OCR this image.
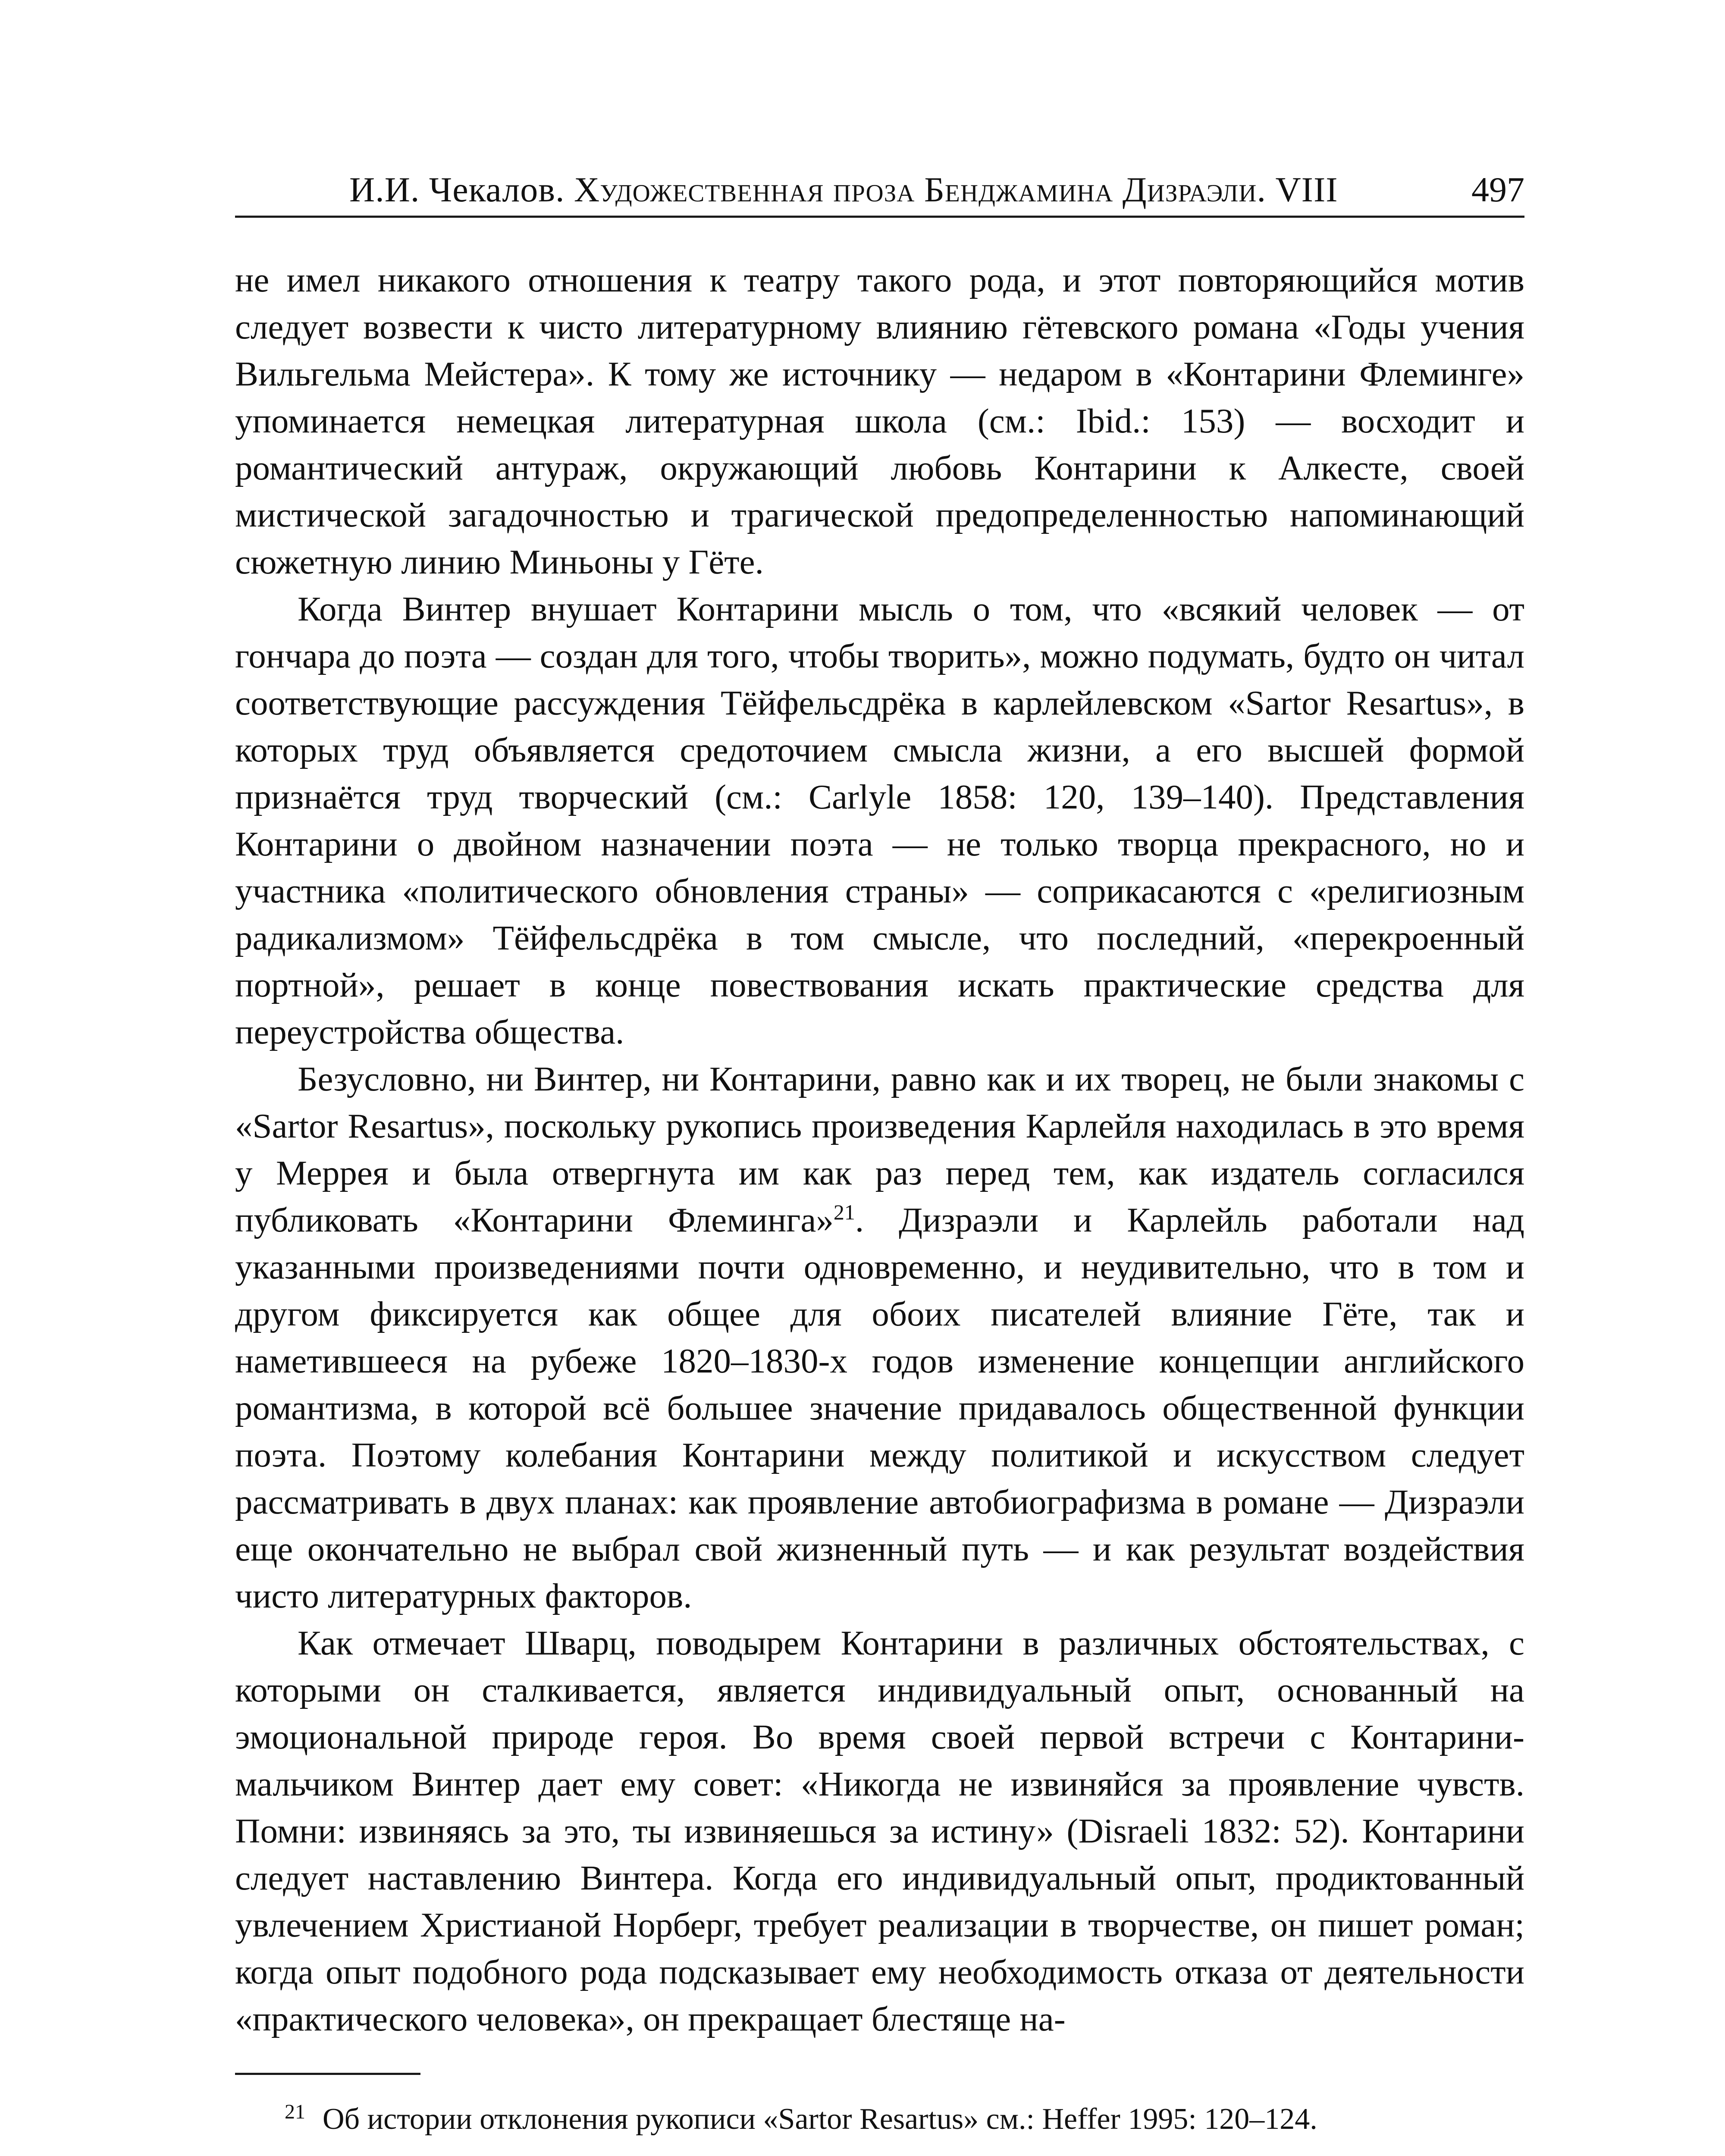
И.И. Чекалов. Художественная проза Бенджамина Дизраэли. VIII	497

не имел никакого отношения к театру такого рода, и этот повторяющийся мотив следует возвести к чисто литературному влиянию гётевского романа «Годы учения Вильгельма Мейстера». К тому же источнику — недаром в «Контарини Флеминге» упоминается немецкая литературная школа (см.: Ibid.: 153) — восходит и романтический антураж, окружающий любовь Контарини к Алкесте, своей мистической загадочностью и трагической предопределенностью напоминающий сюжетную линию Миньоны у Гёте.

Когда Винтер внушает Контарини мысль о том, что «всякий человек — от гончара до поэта — создан для того, чтобы творить», можно подумать, будто он читал соответствующие рассуждения Тёйфельсдрёка в карлейлевском «Sartor Resartus», в которых труд объявляется средоточием смысла жизни, а его высшей формой признаётся труд творческий (см.: Carlyle 1858: 120, 139–140). Представления Контарини о двойном назначении поэта — не только творца прекрасного, но и участника «политического обновления страны» — соприкасаются с «религиозным радикализмом» Тёйфельсдрёка в том смысле, что последний, «перекроенный портной», решает в конце повествования искать практические средства для переустройства общества.

Безусловно, ни Винтер, ни Контарини, равно как и их творец, не были знакомы с «Sartor Resartus», поскольку рукопись произведения Карлейля находилась в это время у Меррея и была отвергнута им как раз перед тем, как издатель согласился публиковать «Контарини Флеминга»$^{21}$. Дизраэли и Карлейль работали над указанными произведениями почти одновременно, и неудивительно, что в том и другом фиксируется как общее для обоих писателей влияние Гёте, так и наметившееся на рубеже 1820–1830-х годов изменение концепции английского романтизма, в которой всё большее значение придавалось общественной функции поэта. Поэтому колебания Контарини между политикой и искусством следует рассматривать в двух планах: как проявление автобиографизма в романе — Дизраэли еще окончательно не выбрал свой жизненный путь — и как результат воздействия чисто литературных факторов.

Как отмечает Шварц, поводырем Контарини в различных обстоятельствах, с которыми он сталкивается, является индивидуальный опыт, основанный на эмоциональной природе героя. Во время своей первой встречи с Контарини-мальчиком Винтер дает ему совет: «Никогда не извиняйся за проявление чувств. Помни: извиняясь за это, ты извиняешься за истину» (Disraeli 1832: 52). Контарини следует наставлению Винтера. Когда его индивидуальный опыт, продиктованный увлечением Христианой Норберг, требует реализации в творчестве, он пишет роман; когда опыт подобного рода подсказывает ему необходимость отказа от деятельности «практического человека», он прекращает блестяще на-

$^{21}$ Об истории отклонения рукописи «Sartor Resartus» см.: Heffer 1995: 120–124.
